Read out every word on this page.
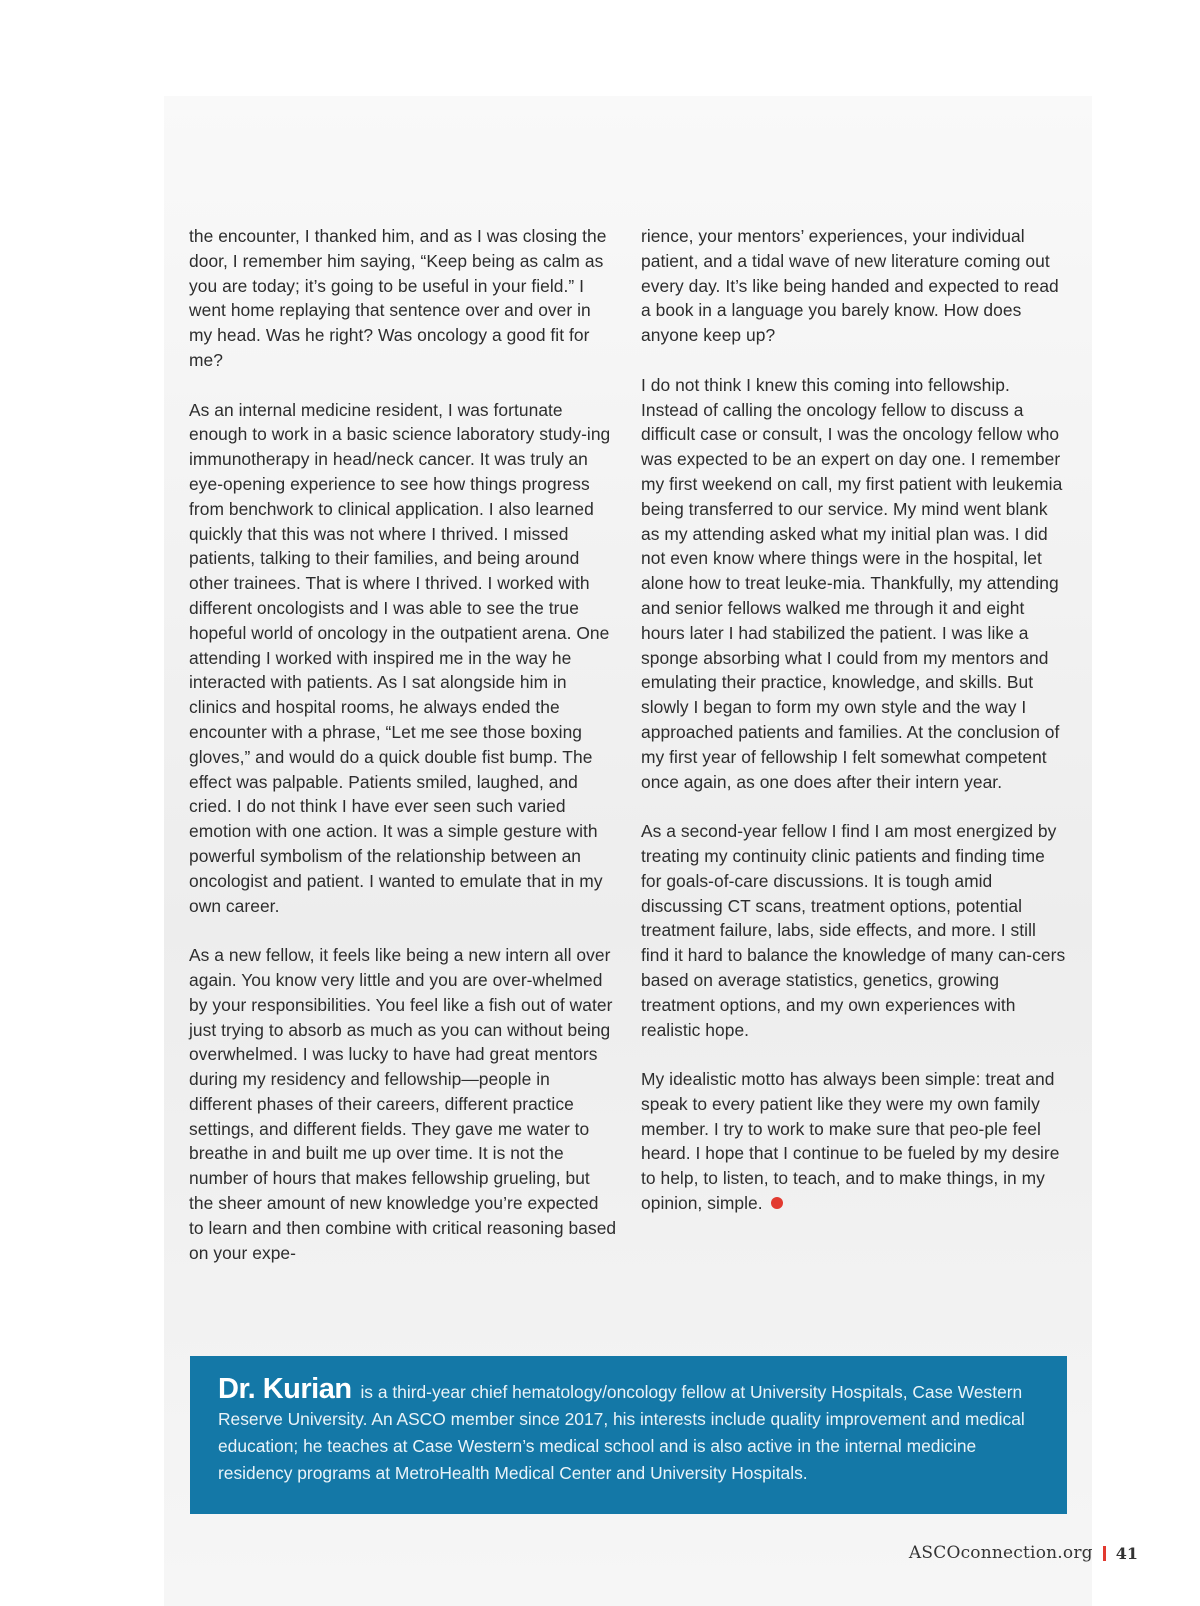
the encounter, I thanked him, and as I was closing the door, I remember him saying, “Keep being as calm as you are today; it’s going to be useful in your field.” I went home replaying that sentence over and over in my head. Was he right? Was oncology a good fit for me?

As an internal medicine resident, I was fortunate enough to work in a basic science laboratory study-ing immunotherapy in head/neck cancer. It was truly an eye-opening experience to see how things progress from benchwork to clinical application. I also learned quickly that this was not where I thrived. I missed patients, talking to their families, and being around other trainees. That is where I thrived. I worked with different oncologists and I was able to see the true hopeful world of oncology in the outpatient arena. One attending I worked with inspired me in the way he interacted with patients. As I sat alongside him in clinics and hospital rooms, he always ended the encounter with a phrase, “Let me see those boxing gloves,” and would do a quick double fist bump. The effect was palpable. Patients smiled, laughed, and cried. I do not think I have ever seen such varied emotion with one action. It was a simple gesture with powerful symbolism of the relationship between an oncologist and patient. I wanted to emulate that in my own career.

As a new fellow, it feels like being a new intern all over again. You know very little and you are over-whelmed by your responsibilities. You feel like a fish out of water just trying to absorb as much as you can without being overwhelmed. I was lucky to have had great mentors during my residency and fellowship—people in different phases of their careers, different practice settings, and different fields. They gave me water to breathe in and built me up over time. It is not the number of hours that makes fellowship grueling, but the sheer amount of new knowledge you’re expected to learn and then combine with critical reasoning based on your expe-

rience, your mentors’ experiences, your individual patient, and a tidal wave of new literature coming out every day. It’s like being handed and expected to read a book in a language you barely know. How does anyone keep up?

I do not think I knew this coming into fellowship. Instead of calling the oncology fellow to discuss a difficult case or consult, I was the oncology fellow who was expected to be an expert on day one. I remember my first weekend on call, my first patient with leukemia being transferred to our service. My mind went blank as my attending asked what my initial plan was. I did not even know where things were in the hospital, let alone how to treat leuke-mia. Thankfully, my attending and senior fellows walked me through it and eight hours later I had stabilized the patient. I was like a sponge absorbing what I could from my mentors and emulating their practice, knowledge, and skills. But slowly I began to form my own style and the way I approached patients and families. At the conclusion of my first year of fellowship I felt somewhat competent once again, as one does after their intern year.

As a second-year fellow I find I am most energized by treating my continuity clinic patients and finding time for goals-of-care discussions. It is tough amid discussing CT scans, treatment options, potential treatment failure, labs, side effects, and more. I still find it hard to balance the knowledge of many can-cers based on average statistics, genetics, growing treatment options, and my own experiences with realistic hope.

My idealistic motto has always been simple: treat and speak to every patient like they were my own family member. I try to work to make sure that peo-ple feel heard. I hope that I continue to be fueled by my desire to help, to listen, to teach, and to make things, in my opinion, simple.

Dr. Kurian is a third-year chief hematology/oncology fellow at University Hospitals, Case Western Reserve University. An ASCO member since 2017, his interests include quality improvement and medical education; he teaches at Case Western’s medical school and is also active in the internal medicine residency programs at MetroHealth Medical Center and University Hospitals.
ASCOconnection.org 41
